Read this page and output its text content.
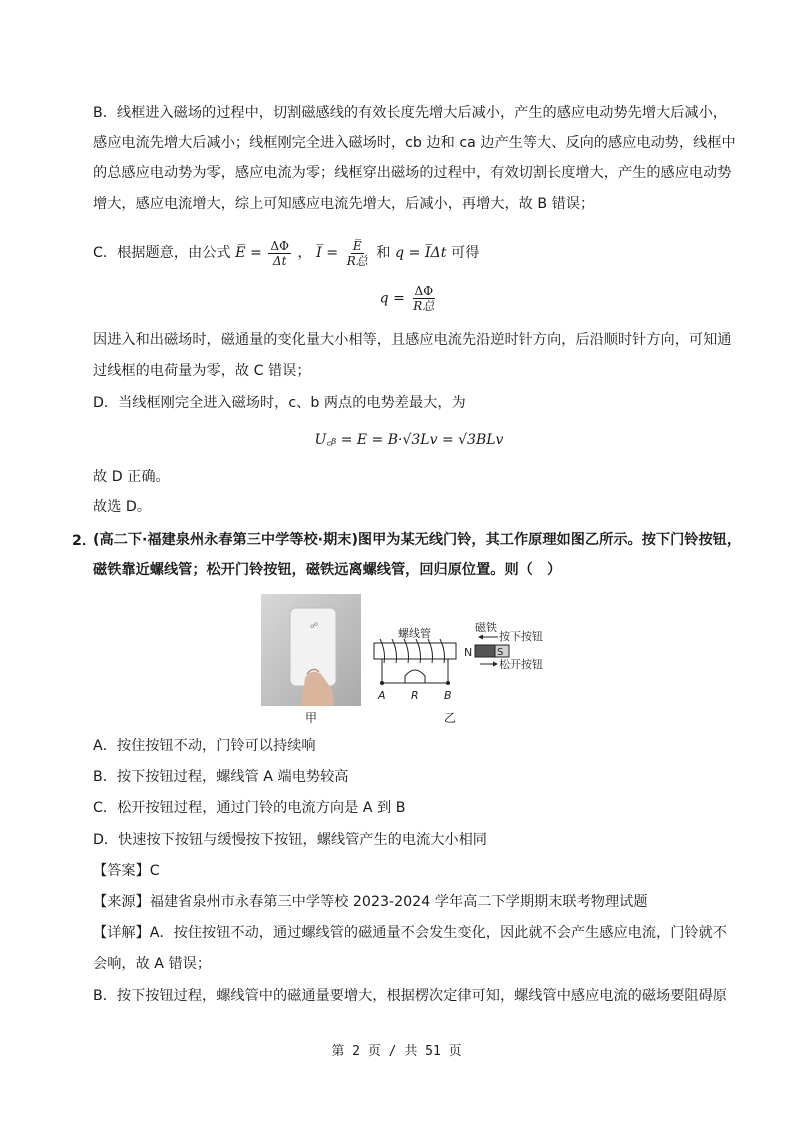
B．线框进入磁场的过程中，切割磁感线的有效长度先增大后减小，产生的感应电动势先增大后减小，
感应电流先增大后减小；线框刚完全进入磁场时，cb 边和 ca 边产生等大、反向的感应电动势，线框中
的总感应电动势为零，感应电流为零；线框穿出磁场的过程中，有效切割长度增大，产生的感应电动势
增大，感应电流增大，综上可知感应电流先增大，后减小，再增大，故 B 错误；
C．根据题意，由公式 E̅ = $\frac{\Delta\Phi}{\Delta t}$ ， I̅ = $\frac{E̅}{\text{R总}}$ 和 q = I̅Δt 可得
$q = \frac{\Delta\Phi}{\text{R总}}$
因进入和出磁场时，磁通量的变化量大小相等，且感应电流先沿逆时针方向，后沿顺时针方向，可知通
过线框的电荷量为零，故 C 错误；
D．当线框刚完全进入磁场时，c、b 两点的电势差最大，为
U꜀ᵦ = E = B·√3Lv = √3BLv
故 D 正确。
故选 D。
2．
(高二下·福建泉州永春第三中学等校·期末)图甲为某无线门铃，其工作原理如图乙所示。按下门铃按钮，
磁铁靠近螺线管；松开门铃按钮，磁铁远离螺线管，回归原位置。则（　）
☍
甲
螺线管	磁铁
按下按钮
松开按钮
N S
A R B
乙
A．按住按钮不动，门铃可以持续响
B．按下按钮过程，螺线管 A 端电势较高
C．松开按钮过程，通过门铃的电流方向是 A 到 B
D．快速按下按钮与缓慢按下按钮，螺线管产生的电流大小相同
【答案】C
【来源】福建省泉州市永春第三中学等校 2023-2024 学年高二下学期期末联考物理试题
【详解】A．按住按钮不动，通过螺线管的磁通量不会发生变化，因此就不会产生感应电流，门铃就不
会响，故 A 错误；
B．按下按钮过程，螺线管中的磁通量要增大，根据楞次定律可知，螺线管中感应电流的磁场要阻碍原
第 2 页 / 共 51 页
